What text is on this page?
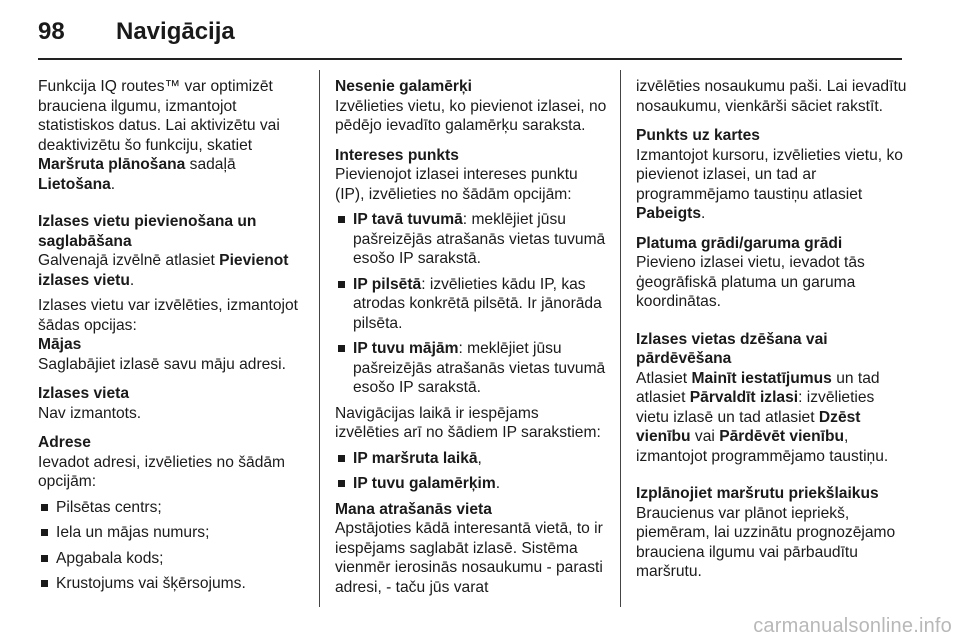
98 Navigācija

Funkcija IQ routes™ var optimizēt brauciena ilgumu, izmantojot statistiskos datus. Lai aktivizētu vai deaktivizētu šo funkciju, skatiet Maršruta plānošana sadaļā Lietošana.

Izlases vietu pievienošana un saglabāšana

Galvenajā izvēlnē atlasiet Pievienot izlases vietu.

Izlases vietu var izvēlēties, izmantojot šādas opcijas:

Mājas

Saglabājiet izlasē savu māju adresi.

Izlases vieta

Nav izmantots.

Adrese

Ievadot adresi, izvēlieties no šādām opcijām:

Pilsētas centrs;
Iela un mājas numurs;
Apgabala kods;
Krustojums vai šķērsojums.

Nesenie galamērķi

Izvēlieties vietu, ko pievienot izlasei, no pēdējo ievadīto galamērķu saraksta.

Intereses punkts

Pievienojot izlasei intereses punktu (IP), izvēlieties no šādām opcijām:

IP tavā tuvumā: meklējiet jūsu pašreizējās atrašanās vietas tuvumā esošo IP sarakstā.
IP pilsētā: izvēlieties kādu IP, kas atrodas konkrētā pilsētā. Ir jānorāda pilsēta.
IP tuvu mājām: meklējiet jūsu pašreizējās atrašanās vietas tuvumā esošo IP sarakstā.

Navigācijas laikā ir iespējams izvēlēties arī no šādiem IP sarakstiem:

IP maršruta laikā,
IP tuvu galamērķim.

Mana atrašanās vieta

Apstājoties kādā interesantā vietā, to ir iespējams saglabāt izlasē. Sistēma vienmēr ierosinās nosaukumu - parasti adresi, - taču jūs varat

izvēlēties nosaukumu paši. Lai ievadītu nosaukumu, vienkārši sāciet rakstīt.

Punkts uz kartes

Izmantojot kursoru, izvēlieties vietu, ko pievienot izlasei, un tad ar programmējamo taustiņu atlasiet Pabeigts.

Platuma grādi/garuma grādi

Pievieno izlasei vietu, ievadot tās ģeogrāfiskā platuma un garuma koordinātas.

Izlases vietas dzēšana vai pārdēvēšana

Atlasiet Mainīt iestatījumus un tad atlasiet Pārvaldīt izlasi: izvēlieties vietu izlasē un tad atlasiet Dzēst vienību vai Pārdēvēt vienību, izmantojot programmējamo taustiņu.

Izplānojiet maršrutu priekšlaikus

Braucienus var plānot iepriekš, piemēram, lai uzzinātu prognozējamo brauciena ilgumu vai pārbaudītu maršrutu.

carmanualsonline.info
